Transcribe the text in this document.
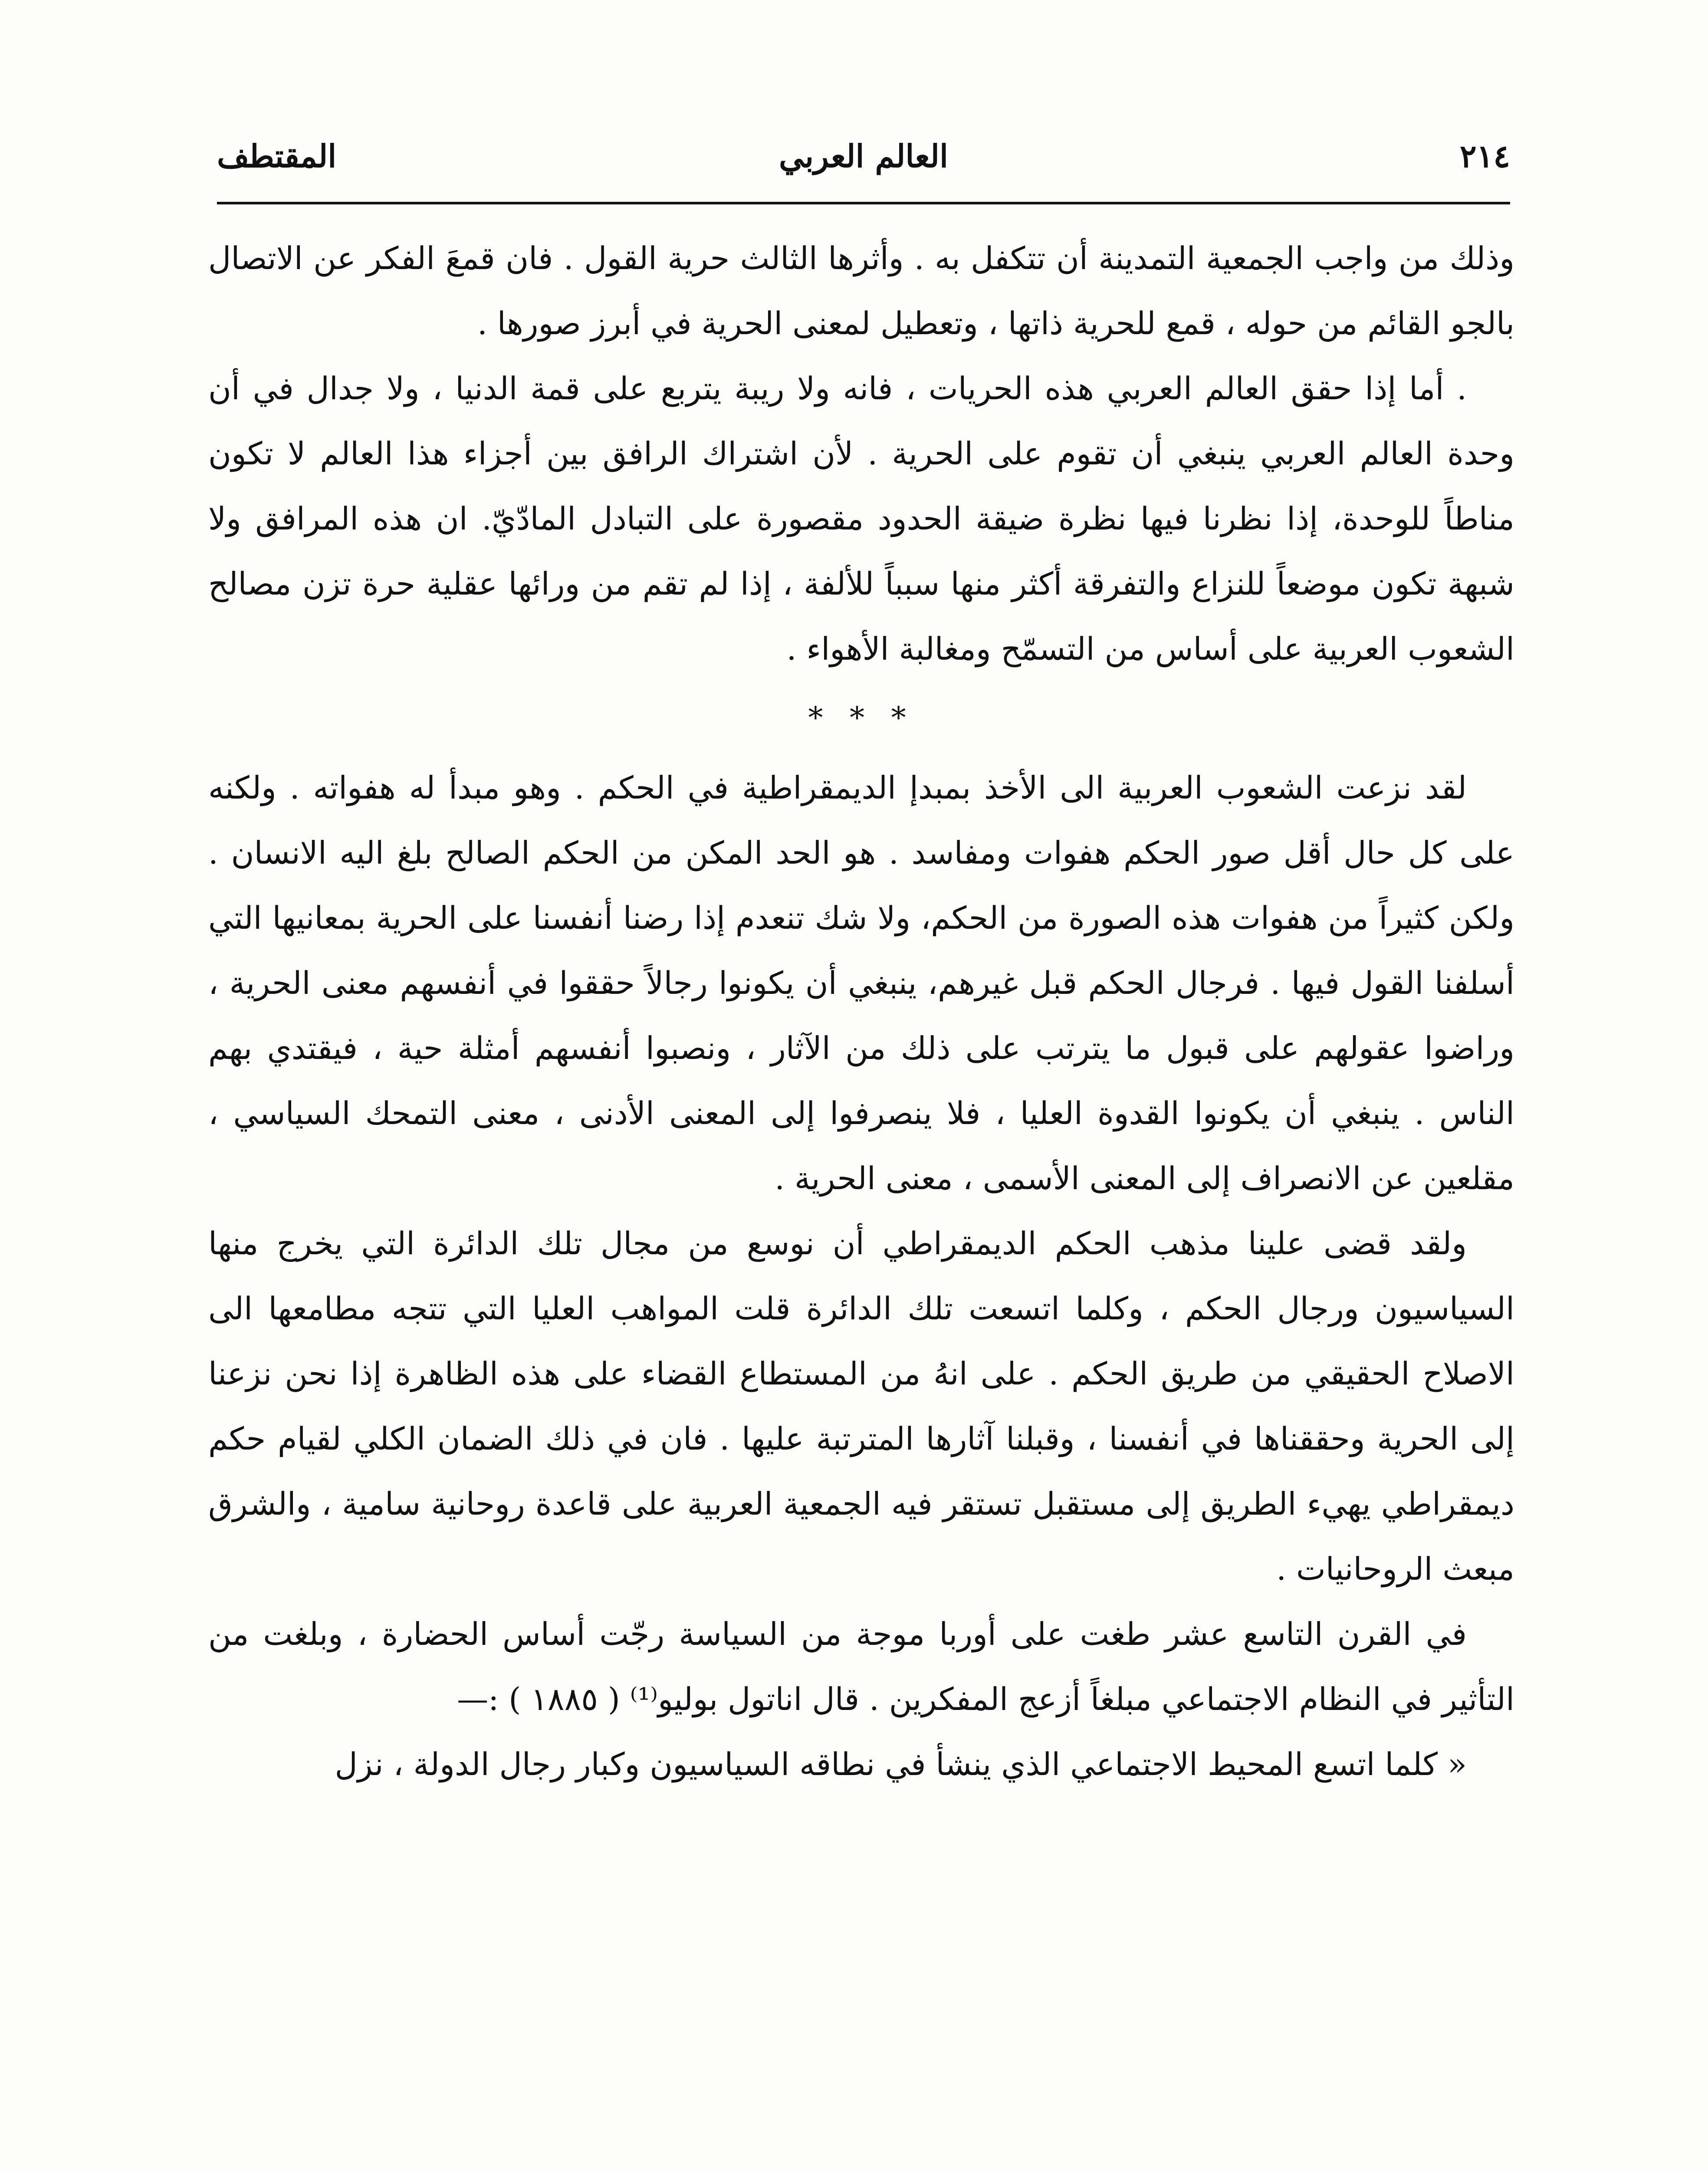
٢١٤
العالم العربي
المقتطف

وذلك من واجب الجمعية التمدينة أن تتكفل به . وأثرها الثالث حرية القول . فان قمعَ الفكر عن الاتصال بالجو القائم من حوله ، قمع للحرية ذاتها ، وتعطيل لمعنى الحرية في أبرز صورها .

. أما إذا حقق العالم العربي هذه الحريات ، فانه ولا ريبة يتربع على قمة الدنيا ، ولا جدال في أن وحدة العالم العربي ينبغي أن تقوم على الحرية . لأن اشتراك الرافق بين أجزاء هذا العالم لا تكون مناطاً للوحدة، إذا نظرنا فيها نظرة ضيقة الحدود مقصورة على التبادل المادّيّ. ان هذه المرافق ولا شبهة تكون موضعاً للنزاع والتفرقة أكثر منها سبباً للألفة ، إذا لم تقم من ورائها عقلية حرة تزن مصالح الشعوب العربية على أساس من التسمّح ومغالبة الأهواء .

* * *

لقد نزعت الشعوب العربية الى الأخذ بمبدإ الديمقراطية في الحكم . وهو مبدأ له هفواته . ولكنه على كل حال أقل صور الحكم هفوات ومفاسد . هو الحد المكن من الحكم الصالح بلغ اليه الانسان . ولكن كثيراً من هفوات هذه الصورة من الحكم، ولا شك تنعدم إذا رضنا أنفسنا على الحرية بمعانيها التي أسلفنا القول فيها . فرجال الحكم قبل غيرهم، ينبغي أن يكونوا رجالاً حققوا في أنفسهم معنى الحرية ، وراضوا عقولهم على قبول ما يترتب على ذلك من الآثار ، ونصبوا أنفسهم أمثلة حية ، فيقتدي بهم الناس . ينبغي أن يكونوا القدوة العليا ، فلا ينصرفوا إلى المعنى الأدنى ، معنى التمحك السياسي ، مقلعين عن الانصراف إلى المعنى الأسمى ، معنى الحرية .

ولقد قضى علينا مذهب الحكم الديمقراطي أن نوسع من مجال تلك الدائرة التي يخرج منها السياسيون ورجال الحكم ، وكلما اتسعت تلك الدائرة قلت المواهب العليا التي تتجه مطامعها الى الاصلاح الحقيقي من طريق الحكم . على انهُ من المستطاع القضاء على هذه الظاهرة إذا نحن نزعنا إلى الحرية وحققناها في أنفسنا ، وقبلنا آثارها المترتبة عليها . فان في ذلك الضمان الكلي لقيام حكم ديمقراطي يهيء الطريق إلى مستقبل تستقر فيه الجمعية العربية على قاعدة روحانية سامية ، والشرق مبعث الروحانيات .

في القرن التاسع عشر طغت على أوربا موجة من السياسة رجّت أساس الحضارة ، وبلغت من التأثير في النظام الاجتماعي مبلغاً أزعج المفكرين . قال اناتول بوليو⁽¹⁾ ( ١٨٨٥ ) :—

« كلما اتسع المحيط الاجتماعي الذي ينشأ في نطاقه السياسيون وكبار رجال الدولة ، نزل
